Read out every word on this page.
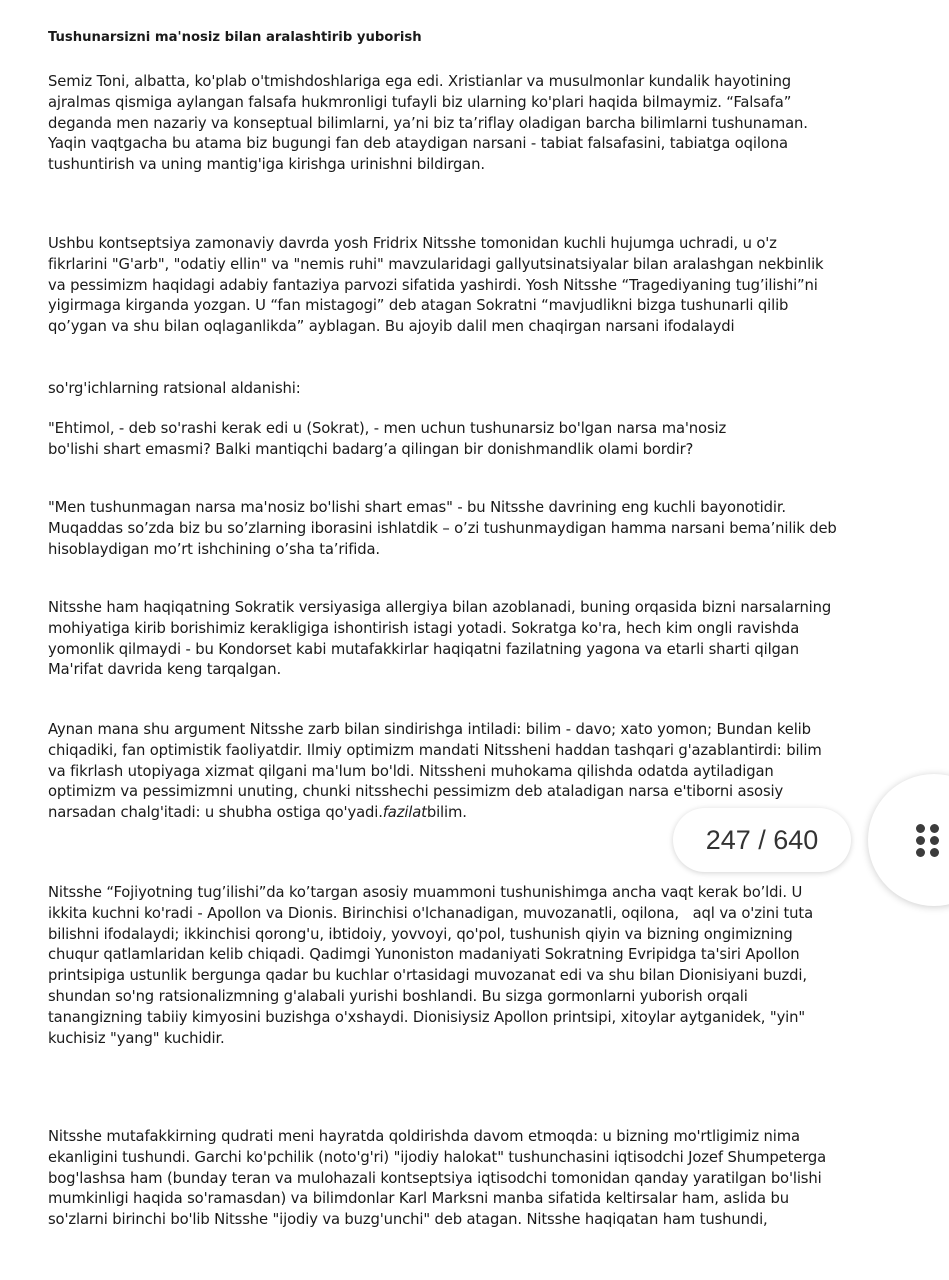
Tushunarsizni ma'nosiz bilan aralashtirib yuborish

Semiz Toni, albatta, ko'plab o'tmishdoshlariga ega edi. Xristianlar va musulmonlar kundalik hayotining ajralmas qismiga aylangan falsafa hukmronligi tufayli biz ularning ko'plari haqida bilmaymiz. “Falsafa” deganda men nazariy va konseptual bilimlarni, ya’ni biz ta’riflay oladigan barcha bilimlarni tushunaman. Yaqin vaqtgacha bu atama biz bugungi fan deb ataydigan narsani - tabiat falsafasini, tabiatga oqilona tushuntirish va uning mantig'iga kirishga urinishni bildirgan.

Ushbu kontseptsiya zamonaviy davrda yosh Fridrix Nitsshe tomonidan kuchli hujumga uchradi, u o'z fikrlarini "G'arb", "odatiy ellin" va "nemis ruhi" mavzularidagi gallyutsinatsiyalar bilan aralashgan nekbinlik va pessimizm haqidagi adabiy fantaziya parvozi sifatida yashirdi. Yosh Nitsshe “Tragediyaning tug’ilishi”ni yigirmaga kirganda yozgan. U “fan mistagogi” deb atagan Sokratni “mavjudlikni bizga tushunarli qilib qo’ygan va shu bilan oqlaganlikda” ayblagan. Bu ajoyib dalil men chaqirgan narsani ifodalaydi

so'rg'ichlarning ratsional aldanishi:

"Ehtimol, - deb so'rashi kerak edi u (Sokrat), - men uchun tushunarsiz bo'lgan narsa ma'nosiz bo'lishi shart emasmi? Balki mantiqchi badarg’a qilingan bir donishmandlik olami bordir?

"Men tushunmagan narsa ma'nosiz bo'lishi shart emas" - bu Nitsshe davrining eng kuchli bayonotidir. Muqaddas so’zda biz bu so’zlarning iborasini ishlatdik – o’zi tushunmaydigan hamma narsani bema’nilik deb hisoblaydigan mo’rt ishchining o’sha ta’rifida.

Nitsshe ham haqiqatning Sokratik versiyasiga allergiya bilan azoblanadi, buning orqasida bizni narsalarning mohiyatiga kirib borishimiz kerakligiga ishontirish istagi yotadi. Sokratga ko'ra, hech kim ongli ravishda yomonlik qilmaydi - bu Kondorset kabi mutafakkirlar haqiqatni fazilatning yagona va etarli sharti qilgan Ma'rifat davrida keng tarqalgan.

Aynan mana shu argument Nitsshe zarb bilan sindirishga intiladi: bilim - davo; xato yomon; Bundan kelib chiqadiki, fan optimistik faoliyatdir. Ilmiy optimizm mandati Nitssheni haddan tashqari g'azablantirdi: bilim va fikrlash utopiyaga xizmat qilgani ma'lum bo'ldi. Nitssheni muhokama qilishda odatda aytiladigan optimizm va pessimizmni unuting, chunki nitsshechi pessimizm deb ataladigan narsa e'tiborni asosiy narsadan chalg'itadi: u shubha ostiga qo'yadi.fazilatbilim.

Nitsshe “Fojiyotning tug’ilishi”da ko’targan asosiy muammoni tushunishimga ancha vaqt kerak bo’ldi. U ikkita kuchni ko'radi - Apollon va Dionis. Birinchisi o'lchanadigan, muvozanatli, oqilona,   aql va o'zini tuta bilishni ifodalaydi; ikkinchisi qorong'u, ibtidoiy, yovvoyi, qo'pol, tushunish qiyin va bizning ongimizning chuqur qatlamlaridan kelib chiqadi. Qadimgi Yunoniston madaniyati Sokratning Evripidga ta'siri Apollon printsipiga ustunlik bergunga qadar bu kuchlar o'rtasidagi muvozanat edi va shu bilan Dionisiyani buzdi, shundan so'ng ratsionalizmning g'alabali yurishi boshlandi. Bu sizga gormonlarni yuborish orqali tanangizning tabiiy kimyosini buzishga o'xshaydi. Dionisiysiz Apollon printsipi, xitoylar aytganidek, "yin" kuchisiz "yang" kuchidir.

Nitsshe mutafakkirning qudrati meni hayratda qoldirishda davom etmoqda: u bizning mo'rtligimiz nima ekanligini tushundi. Garchi ko'pchilik (noto'g'ri) "ijodiy halokat" tushunchasini iqtisodchi Jozef Shumpeterga bog'lashsa ham (bunday teran va mulohazali kontseptsiya iqtisodchi tomonidan qanday yaratilgan bo'lishi mumkinligi haqida so'ramasdan) va bilimdonlar Karl Marksni manba sifatida keltirsalar ham, aslida bu so'zlarni birinchi bo'lib Nitsshe "ijodiy va buzg'unchi" deb atagan. Nitsshe haqiqatan ham tushundi,

247 / 640
